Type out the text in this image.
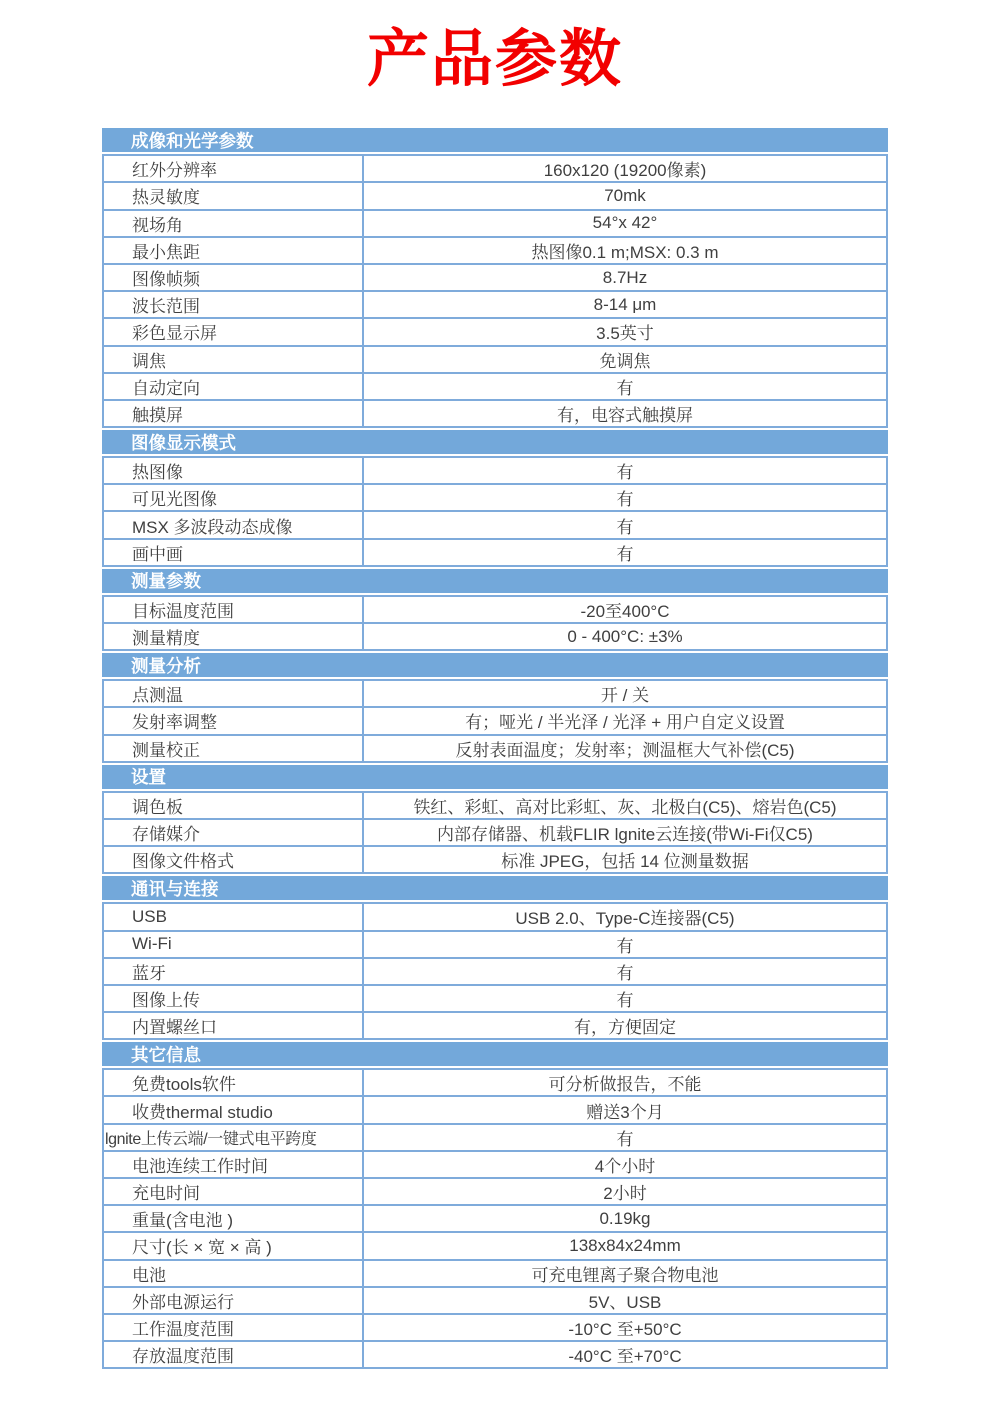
产品参数
成像和光学参数
红外分辨率	160x120 (19200像素)
热灵敏度	70mk
视场角	54°x 42°
最小焦距	热图像0.1 m;MSX: 0.3 m
图像帧频	8.7Hz
波长范围	8-14 μm
彩色显示屏	3.5英寸
调焦	免调焦
自动定向	有
触摸屏	有，电容式触摸屏
图像显示模式
热图像	有
可见光图像	有
MSX 多波段动态成像	有
画中画	有
测量参数
目标温度范围	-20至400°C
测量精度	0 - 400°C: ±3%
测量分析
点测温	开 / 关
发射率调整	有；哑光 / 半光泽 / 光泽 + 用户自定义设置
测量校正	反射表面温度；发射率；测温框大气补偿(C5)
设置
调色板	铁红、彩虹、高对比彩虹、灰、北极白(C5)、熔岩色(C5)
存储媒介	内部存储器、机载FLIR lgnite云连接(带Wi-Fi仅C5)
图像文件格式	标准 JPEG，包括 14 位测量数据
通讯与连接
USB	USB 2.0、Type-C连接器(C5)
Wi-Fi	有
蓝牙	有
图像上传	有
内置螺丝口	有，方便固定
其它信息
免费tools软件	可分析做报告，不能
收费thermal studio	赠送3个月
lgnite上传云端/一键式电平跨度	有
电池连续工作时间	4个小时
充电时间	2小时
重量(含电池 )	0.19kg
尺寸(长 × 宽 × 高 )	138x84x24mm
电池	可充电锂离子聚合物电池
外部电源运行	5V、USB
工作温度范围	-10°C 至+50°C
存放温度范围	-40°C 至+70°C
